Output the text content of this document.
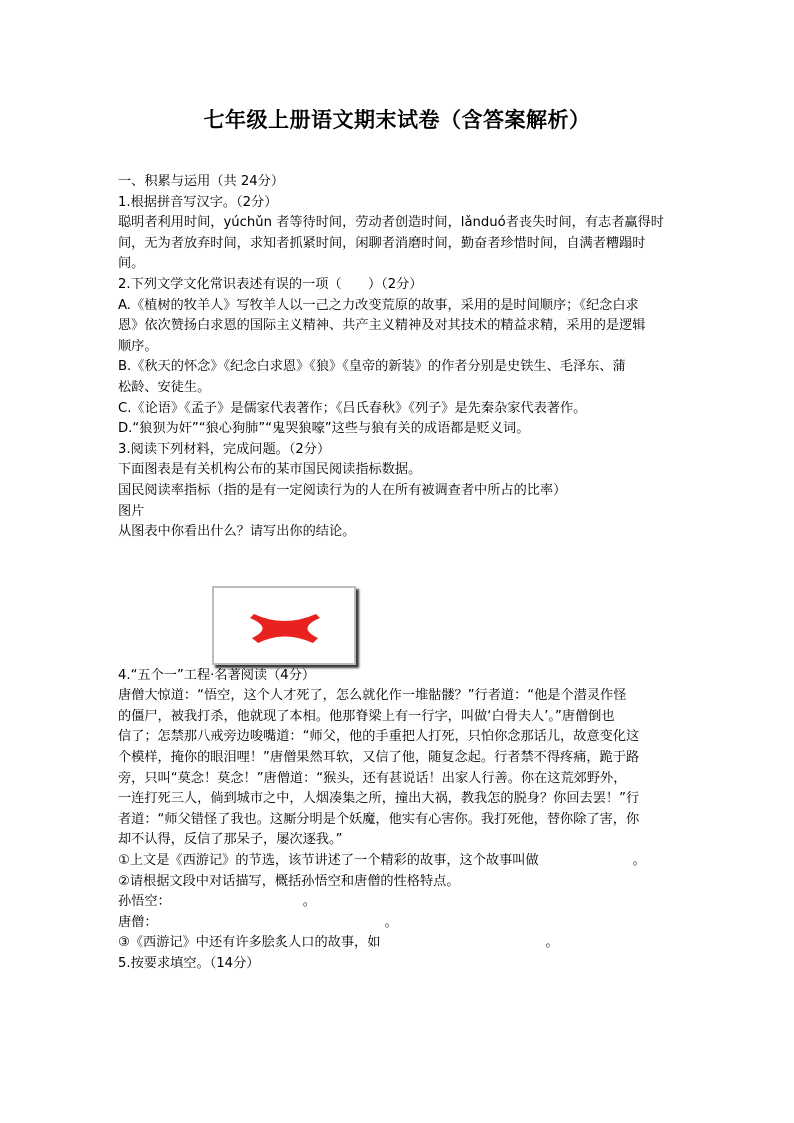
七年级上册语文期末试卷（含答案解析）

一、积累与运用（共 24分）

1.根据拼音写汉字。（2分）

聪明者利用时间，yúchǔn 者等待时间，劳动者创造时间，lǎnduó者丧失时间，有志者赢得时

间，无为者放弃时间，求知者抓紧时间，闲聊者消磨时间，勤奋者珍惜时间，自满者糟蹋时

间。

2.下列文学文化常识表述有误的一项（　　）（2分）

A.《植树的牧羊人》写牧羊人以一己之力改变荒原的故事，采用的是时间顺序；《纪念白求

恩》依次赞扬白求恩的国际主义精神、共产主义精神及对其技术的精益求精，采用的是逻辑

顺序。

B.《秋天的怀念》《纪念白求恩》《狼》《皇帝的新装》的作者分别是史铁生、毛泽东、蒲

松龄、安徒生。

C.《论语》《孟子》是儒家代表著作；《吕氏春秋》《列子》是先秦杂家代表著作。

D.“狼狈为奸”“狼心狗肺”“鬼哭狼嚎”这些与狼有关的成语都是贬义词。

3.阅读下列材料，完成问题。（2分）

下面图表是有关机构公布的某市国民阅读指标数据。

国民阅读率指标（指的是有一定阅读行为的人在所有被调查者中所占的比率）

图片

从图表中你看出什么？请写出你的结论。

4.“五个一”工程·名著阅读（4分）

唐僧大惊道：“悟空，这个人才死了，怎么就化作一堆骷髅？”行者道：“他是个潜灵作怪

的僵尸，被我打杀，他就现了本相。他那脊梁上有一行字，叫做‘白骨夫人’。”唐僧倒也

信了；怎禁那八戒旁边唆嘴道：“师父，他的手重把人打死，只怕你念那话儿，故意变化这

个模样，掩你的眼泪哩！”唐僧果然耳软，又信了他，随复念起。行者禁不得疼痛，跪于路

旁，只叫“莫念！莫念！”唐僧道：“猴头，还有甚说话！出家人行善。你在这荒郊野外，

一连打死三人，倘到城市之中，人烟凑集之所，撞出大祸，教我怎的脱身？你回去罢！”行

者道：“师父错怪了我也。这厮分明是个妖魔，他实有心害你。我打死他，替你除了害，你

却不认得，反信了那呆子，屡次逐我。”

①上文是《西游记》的节选，该节讲述了一个精彩的故事，这个故事叫做	。

②请根据文段中对话描写，概括孙悟空和唐僧的性格特点。

孙悟空：	。

唐僧：	。

③《西游记》中还有许多脍炙人口的故事，如	。

5.按要求填空。（14分）
